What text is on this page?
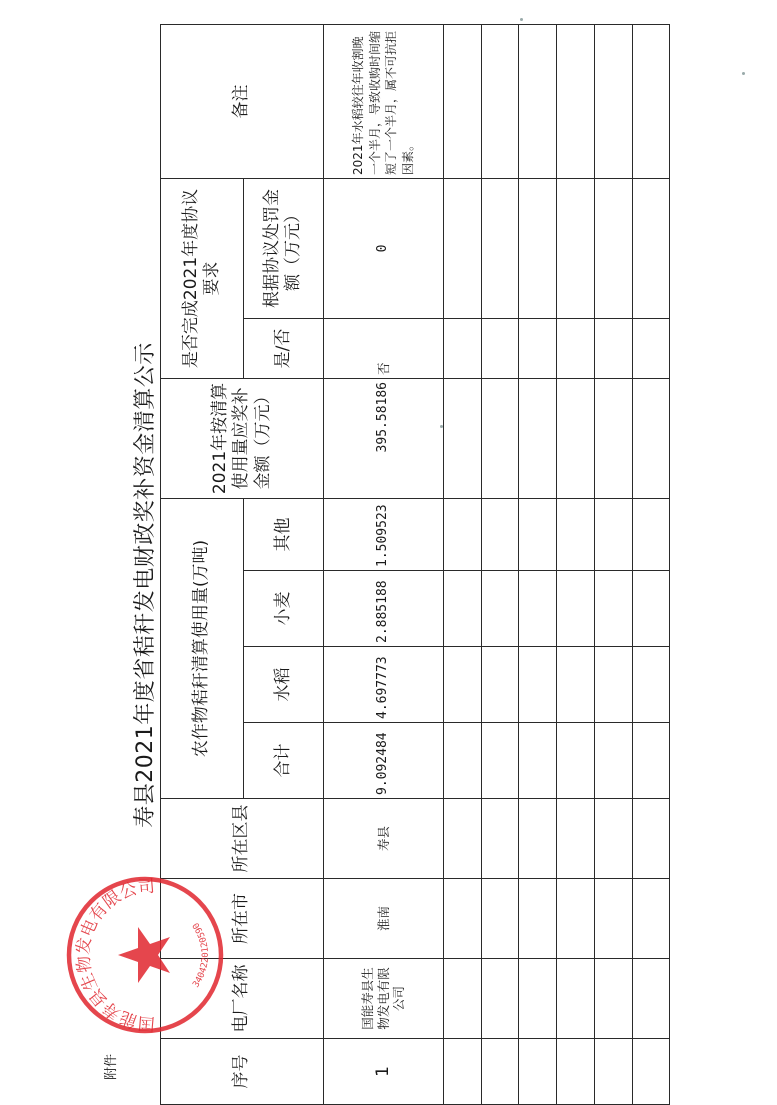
附件
寿县2021年度省秸秆发电财政奖补资金清算公示
序号	电厂名称	所在市	所在区县	农作物秸秆清算使用量(万吨)				2021年按清算使用量应奖补金额（万元）	是否完成2021年度协议要求		备注
				合计	水稻	小麦	其他		是/否	根据协议处罚金额（万元）	
1	国能寿县生物发电有限公司	淮南	寿县	9.092484	4.697773	2.885188	1.509523	395.58186	否	0	2021年水稻较往年收割晚一个半月，导致收购时间缩短了一个半月，属不可抗拒因素。

国能寿县生物发电有限公司
3404220120590
